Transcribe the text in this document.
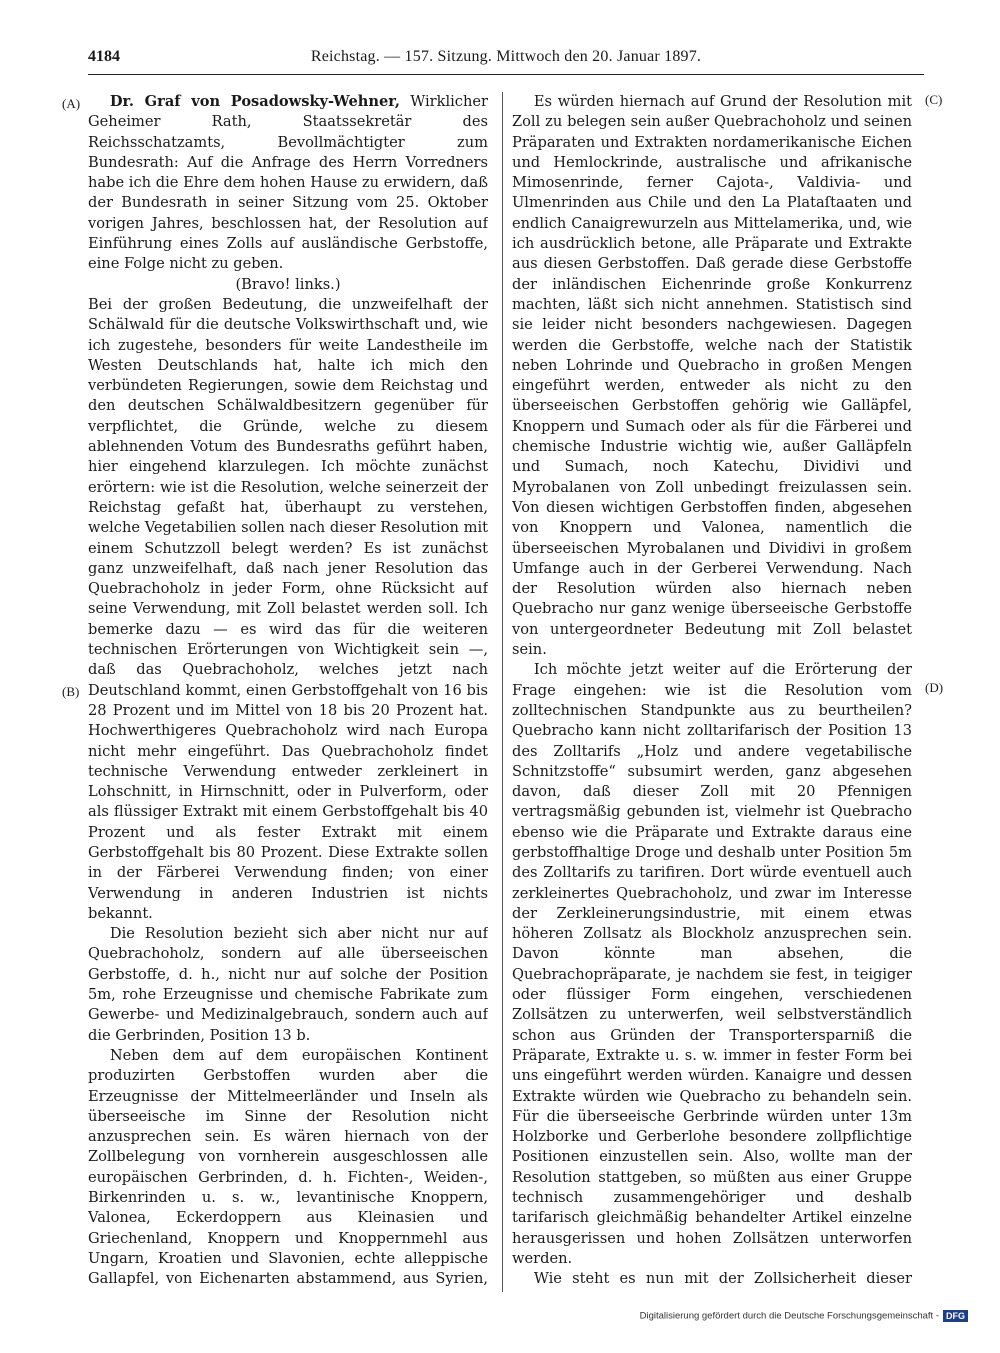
4184	Reichstag. — 157. Sitzung. Mittwoch den 20. Januar 1897.
(A)
(B)
(C)
(D)

Dr. Graf von Posadowsky-Wehner, Wirklicher Geheimer Rath, Staatssekretär des Reichsschatzamts, Bevollmächtigter zum Bundesrath: Auf die Anfrage des Herrn Vorredners habe ich die Ehre dem hohen Hause zu erwidern, daß der Bundesrath in seiner Sitzung vom 25. Oktober vorigen Jahres, beschlossen hat, der Resolution auf Einführung eines Zolls auf ausländische Gerbstoffe, eine Folge nicht zu geben.

(Bravo! links.)

Bei der großen Bedeutung, die unzweifelhaft der Schälwald für die deutsche Volkswirthschaft und, wie ich zugestehe, besonders für weite Landestheile im Westen Deutschlands hat, halte ich mich den verbündeten Regierungen, sowie dem Reichstag und den deutschen Schälwaldbesitzern gegenüber für verpflichtet, die Gründe, welche zu diesem ablehnenden Votum des Bundesraths geführt haben, hier eingehend klarzulegen. Ich möchte zunächst erörtern: wie ist die Resolution, welche seinerzeit der Reichstag gefaßt hat, überhaupt zu verstehen, welche Vegetabilien sollen nach dieser Resolution mit einem Schutzzoll belegt werden? Es ist zunächst ganz unzweifelhaft, daß nach jener Resolution das Quebrachoholz in jeder Form, ohne Rücksicht auf seine Verwendung, mit Zoll belastet werden soll. Ich bemerke dazu — es wird das für die weiteren technischen Erörterungen von Wichtigkeit sein —, daß das Quebrachoholz, welches jetzt nach Deutschland kommt, einen Gerbstoffgehalt von 16 bis 28 Prozent und im Mittel von 18 bis 20 Prozent hat. Hochwerthigeres Quebrachoholz wird nach Europa nicht mehr eingeführt. Das Quebrachoholz findet technische Verwendung entweder zerkleinert in Lohschnitt, in Hirnschnitt, oder in Pulverform, oder als flüssiger Extrakt mit einem Gerbstoffgehalt bis 40 Prozent und als fester Extrakt mit einem Gerbstoffgehalt bis 80 Prozent. Diese Extrakte sollen in der Färberei Verwendung finden; von einer Verwendung in anderen Industrien ist nichts bekannt.

Die Resolution bezieht sich aber nicht nur auf Quebrachoholz, sondern auf alle überseeischen Gerbstoffe, d. h., nicht nur auf solche der Position 5m, rohe Erzeugnisse und chemische Fabrikate zum Gewerbe- und Medizinalgebrauch, sondern auch auf die Gerbrinden, Position 13 b.

Neben dem auf dem europäischen Kontinent produzirten Gerbstoffen wurden aber die Erzeugnisse der Mittelmeerländer und Inseln als überseeische im Sinne der Resolution nicht anzusprechen sein. Es wären hiernach von der Zollbelegung von vornherein ausgeschlossen alle europäischen Gerbrinden, d. h. Fichten-, Weiden-, Birkenrinden u. s. w., levantinische Knoppern, Valonea, Eckerdoppern aus Kleinasien und Griechenland, Knoppern und Knoppernmehl aus Ungarn, Kroatien und Slavonien, echte alleppische Gallapfel, von Eichenarten abstammend, aus Syrien,

Es würden hiernach auf Grund der Resolution mit Zoll zu belegen sein außer Quebrachoholz und seinen Präparaten und Extrakten nordamerikanische Eichen und Hemlockrinde, australische und afrikanische Mimosenrinde, ferner Cajota-, Valdivia- und Ulmenrinden aus Chile und den La Plataſtaaten und endlich Canaigrewurzeln aus Mittelamerika, und, wie ich ausdrücklich betone, alle Präparate und Extrakte aus diesen Gerbstoffen. Daß gerade diese Gerbstoffe der inländischen Eichenrinde große Konkurrenz machten, läßt sich nicht annehmen. Statistisch sind sie leider nicht besonders nachgewiesen. Dagegen werden die Gerbstoffe, welche nach der Statistik neben Lohrinde und Quebracho in großen Mengen eingeführt werden, entweder als nicht zu den überseeischen Gerbstoffen gehörig wie Galläpfel, Knoppern und Sumach oder als für die Färberei und chemische Industrie wichtig wie, außer Galläpfeln und Sumach, noch Katechu, Dividivi und Myrobalanen von Zoll unbedingt freizulassen sein. Von diesen wichtigen Gerbstoffen finden, abgesehen von Knoppern und Valonea, namentlich die überseeischen Myrobalanen und Dividivi in großem Umfange auch in der Gerberei Verwendung. Nach der Resolution würden also hiernach neben Quebracho nur ganz wenige überseeische Gerbstoffe von untergeordneter Bedeutung mit Zoll belastet sein.

Ich möchte jetzt weiter auf die Erörterung der Frage eingehen: wie ist die Resolution vom zolltechnischen Standpunkte aus zu beurtheilen? Quebracho kann nicht zolltarifarisch der Position 13 des Zolltarifs „Holz und andere vegetabilische Schnitzstoffe“ subsumirt werden, ganz abgesehen davon, daß dieser Zoll mit 20 Pfennigen vertragsmäßig gebunden ist, vielmehr ist Quebracho ebenso wie die Präparate und Extrakte daraus eine gerbstoffhaltige Droge und deshalb unter Position 5m des Zolltarifs zu tarifiren. Dort würde eventuell auch zerkleinertes Quebrachoholz, und zwar im Interesse der Zerkleinerungsindustrie, mit einem etwas höheren Zollsatz als Blockholz anzusprechen sein. Davon könnte man absehen, die Quebrachopräparate, je nachdem sie fest, in teigiger oder flüssiger Form eingehen, verschiedenen Zollsätzen zu unterwerfen, weil selbstverständlich schon aus Gründen der Transportersparniß die Präparate, Extrakte u. s. w. immer in fester Form bei uns eingeführt werden würden. Kanaigre und dessen Extrakte würden wie Quebracho zu behandeln sein. Für die überseeische Gerbrinde würden unter 13m Holzborke und Gerberlohe besondere zollpflichtige Positionen einzustellen sein. Also, wollte man der Resolution stattgeben, so müßten aus einer Gruppe technisch zusammengehöriger und deshalb tarifarisch gleichmäßig behandelter Artikel einzelne herausgerissen und hohen Zollsätzen unterworfen werden.

Wie steht es nun mit der Zollsicherheit dieser

Digitalisierung gefördert durch die Deutsche Forschungsgemeinschaft - DFG
